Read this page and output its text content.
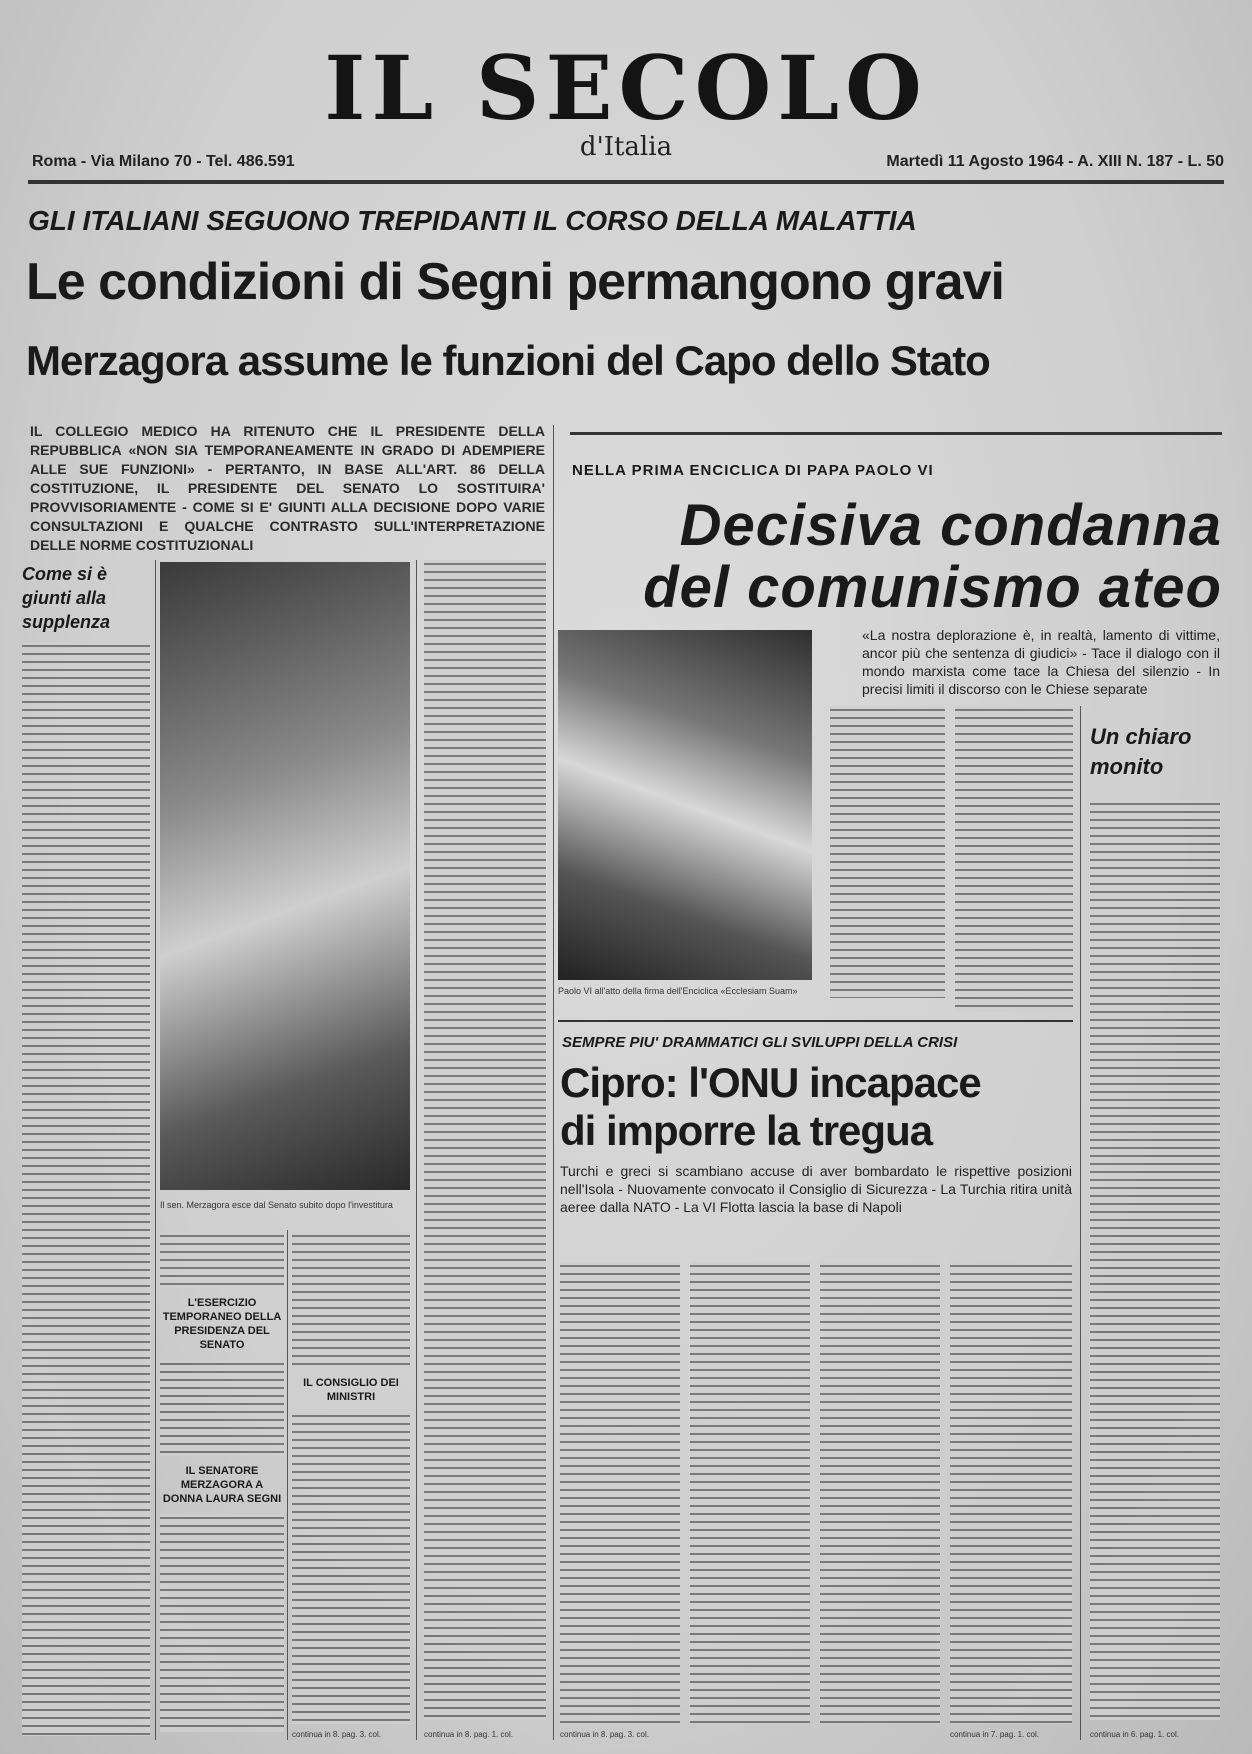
IL SECOLO
d'Italia
Roma - Via Milano 70 - Tel. 486.591	Martedì 11 Agosto 1964 - A. XIII N. 187 - L. 50
GLI ITALIANI SEGUONO TREPIDANTI IL CORSO DELLA MALATTIA
Le condizioni di Segni permangono gravi
Merzagora assume le funzioni del Capo dello Stato
IL COLLEGIO MEDICO HA RITENUTO CHE IL PRESIDENTE DELLA REPUBBLICA «NON SIA TEMPORANEAMENTE IN GRADO DI ADEMPIERE ALLE SUE FUNZIONI» - PERTANTO, IN BASE ALL'ART. 86 DELLA COSTITUZIONE, IL PRESIDENTE DEL SENATO LO SOSTITUIRA' PROVVISORIAMENTE - COME SI E' GIUNTI ALLA DECISIONE DOPO VARIE CONSULTAZIONI E QUALCHE CONTRASTO SULL'INTERPRETAZIONE DELLE NORME COSTITUZIONALI
Come si è giunti alla supplenza
Il sen. Merzagora esce dal Senato subito dopo l'investitura
L'ESERCIZIO TEMPORANEO DELLA PRESIDENZA DEL SENATO
IL SENATORE MERZAGORA A DONNA LAURA SEGNI
IL CONSIGLIO DEI MINISTRI
continua in 8. pag. 3. col.	continua in 8. pag. 1. col.
NELLA PRIMA ENCICLICA DI PAPA PAOLO VI
Decisiva condanna
del comunismo ateo
«La nostra deplorazione è, in realtà, lamento di vittime, ancor più che sentenza di giudici» - Tace il dialogo con il mondo marxista come tace la Chiesa del silenzio - In precisi limiti il discorso con le Chiese separate
Paolo VI all'atto della firma dell'Enciclica «Ecclesiam Suam»
Un chiaro monito
continua in 6. pag. 1. col.
SEMPRE PIU' DRAMMATICI GLI SVILUPPI DELLA CRISI
Cipro: l'ONU incapace
di imporre la tregua
Turchi e greci si scambiano accuse di aver bombardato le rispettive posizioni nell'Isola - Nuovamente convocato il Consiglio di Sicurezza - La Turchia ritira unità aeree dalla NATO - La VI Flotta lascia la base di Napoli
continua in 8. pag. 3. col.	continua in 7. pag. 1. col.
